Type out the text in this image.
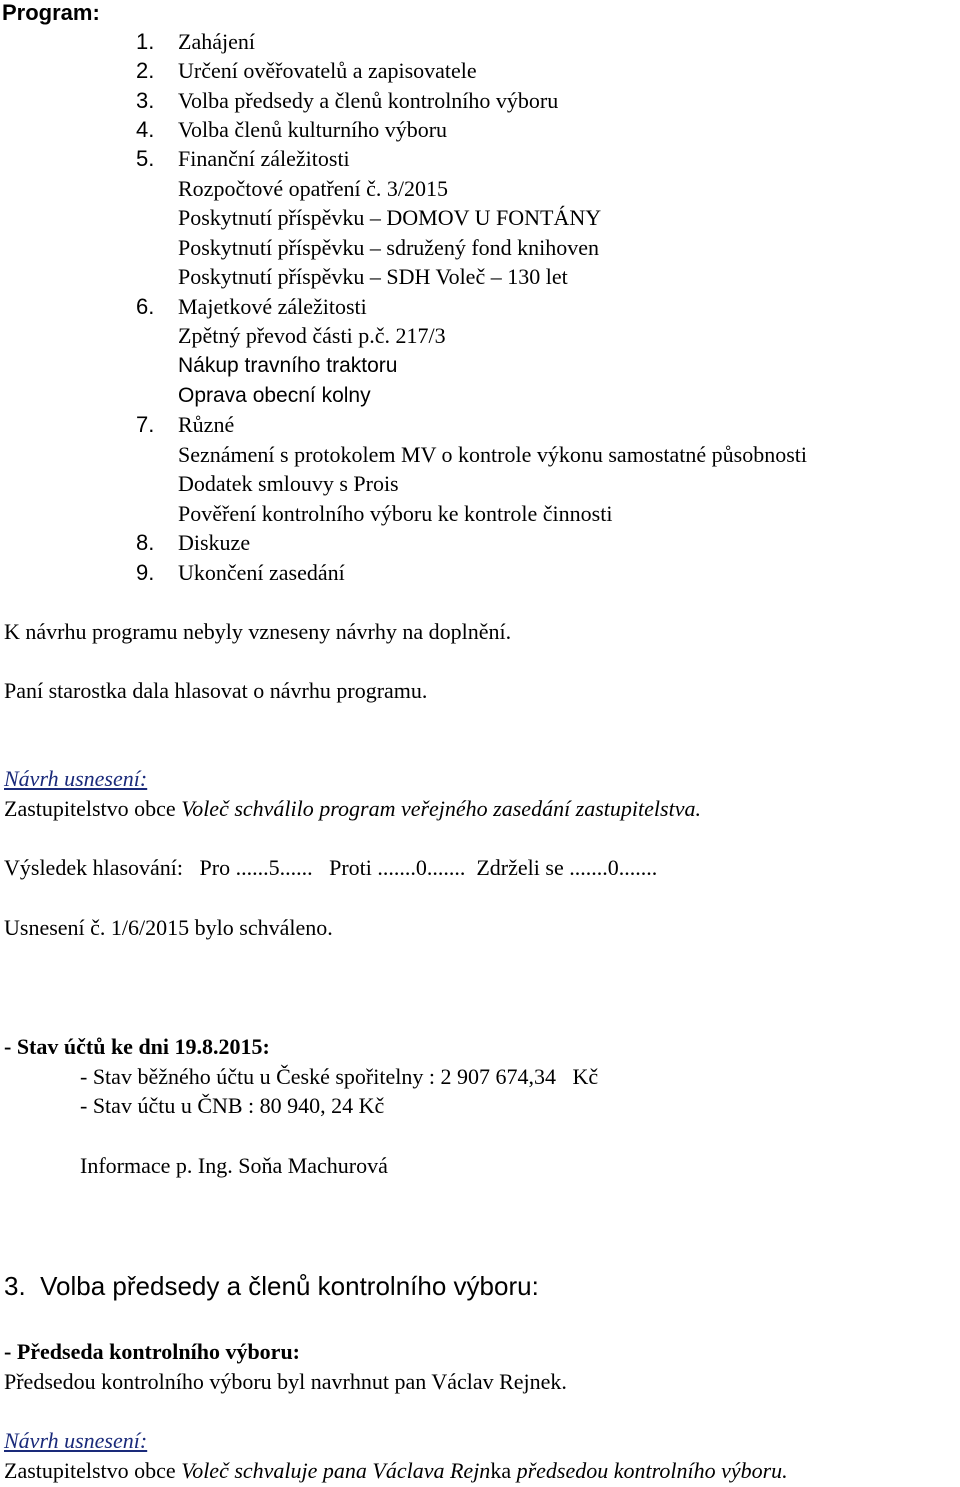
Program:
1. Zahájení
2. Určení ověřovatelů a zapisovatele
3. Volba předsedy a členů kontrolního výboru
4. Volba členů kulturního výboru
5. Finanční záležitosti
Rozpočtové opatření č. 3/2015
Poskytnutí příspěvku – DOMOV U FONTÁNY
Poskytnutí příspěvku – sdružený fond knihoven
Poskytnutí příspěvku – SDH Voleč – 130 let
6. Majetkové záležitosti
Zpětný převod části p.č. 217/3
Nákup travního traktoru
Oprava obecní kolny
7. Různé
Seznámení s protokolem MV o kontrole výkonu samostatné působnosti
Dodatek smlouvy s Prois
Pověření kontrolního výboru ke kontrole činnosti
8. Diskuze
9. Ukončení zasedání
K návrhu programu nebyly vzneseny návrhy na doplnění.
Paní starostka dala hlasovat o návrhu programu.
Návrh usnesení:
Zastupitelstvo obce Voleč schválilo program veřejného zasedání zastupitelstva.
Výsledek hlasování:   Pro ......5......   Proti .......0.......  Zdrželi se .......0.......
Usnesení č. 1/6/2015 bylo schváleno.
- Stav účtů ke dni 19.8.2015:
- Stav běžného účtu u České spořitelny : 2 907 674,34   Kč
- Stav účtu u ČNB : 80 940, 24 Kč
Informace p. Ing. Soňa Machurová
3.  Volba předsedy a členů kontrolního výboru:
- Předseda kontrolního výboru:
Předsedou kontrolního výboru byl navrhnut pan Václav Rejnek.
Návrh usnesení:
Zastupitelstvo obce Voleč schvaluje pana Václava Rejnka předsedou kontrolního výboru.
